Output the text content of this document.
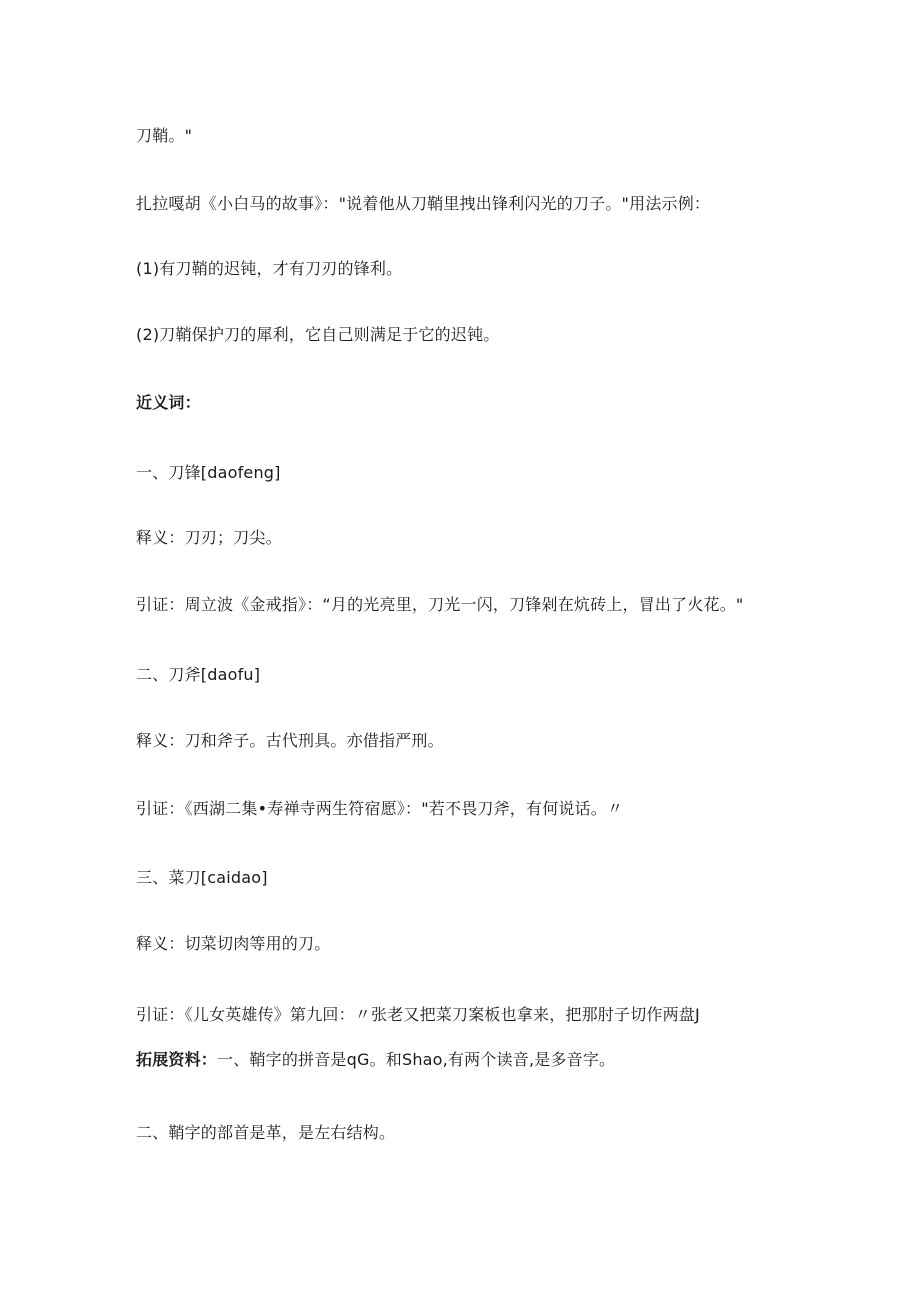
刀鞘。"
扎拉嘎胡《小白马的故事》："说着他从刀鞘里拽出锋利闪光的刀子。"用法示例：
(1)有刀鞘的迟钝，才有刀刃的锋利。
(2)刀鞘保护刀的犀利，它自己则满足于它的迟钝。
近义词：
一、刀锋[daofeng]
释义：刀刃；刀尖。
引证：周立波《金戒指》：“月的光亮里，刀光一闪，刀锋剁在炕砖上，冒出了火花。"
二、刀斧[daofu]
释义：刀和斧子。古代刑具。亦借指严刑。
引证：《西湖二集•寿禅寺两生符宿愿》："若不畏刀斧，有何说话。〃
三、菜刀[caidao]
释义：切菜切肉等用的刀。
引证：《儿女英雄传》第九回：〃张老又把菜刀案板也拿来，把那肘子切作两盘J
拓展资料：一、鞘字的拼音是qG。和Shao,有两个读音,是多音字。
二、鞘字的部首是革，是左右结构。
